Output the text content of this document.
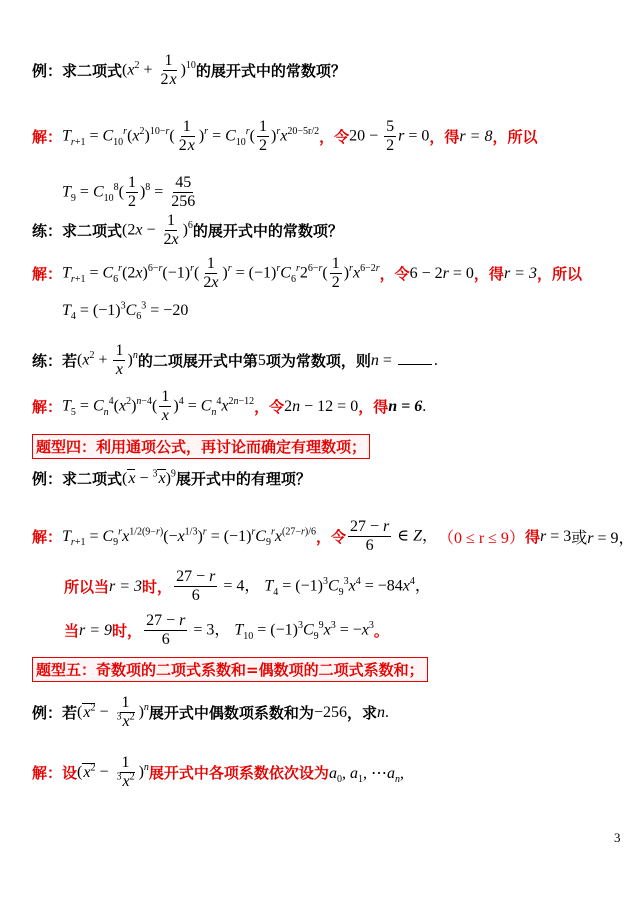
例：求二项式 $(x^2 + \frac{1}{2x} )^{10}$ 的展开式中的常数项？
解： $T_{r+1} = C_{10}^r(x^2)^{10-r}( \frac{1}{2x} )^r = C_{10}^r( \frac{1}{2} )^rx^{20-5r/2}$ ，令 $20 - \frac{5}{2}$ r = 0 ，得 r = 8 ，所以
$T_9 = C_{10}^8( \frac{1}{2} )^8 = \frac{45}{256}$
练：求二项式 $(2x - \frac{1}{2x} )^6$ 的展开式中的常数项？
解： $T_{r+1} = C_6^r(2x)^{6-r}(-1)^r( \frac{1}{2x} )^r = (-1)^rC_6^r2^{6-r}( \frac{1}{2} )^rx^{6-2r}$ ，令 6 − 2r = 0 ，得 r = 3 ，所以
$T_4 = (-1)^3C_6^3 = -20$
练：若 $(x^2 + \frac{1}{x} )^n$ 的二项展开式中第 5 项为常数项，则 n = .
解： $T_5 = C_n^4(x^2)^{n-4}( \frac{1}{x} )^4 = C_n^4x^{2n-12}$ ，令 2n − 12 = 0 ，得 n = 6 .
题型四：利用通项公式，再讨论而确定有理数项；
例：求二项式 $(x - ^3x)^9$ 展开式中的有理项？
解： $T_{r+1} = C_9^rx^{1/2(9-r)}(-x^{1/3})^r = (-1)^rC_9^rx^{(27-r)/6}$ ，令 $\frac{27 - r}{6}$ ∈ Z， （0 ≤ r ≤ 9） 得 r = 3 或 r = 9，
所以当 r = 3 时， $\frac{27 - r}{6} = 4$， $T_4 = (-1)^3C_9^3x^4 = -84x^4$，
当 r = 9 时， $\frac{27 - r}{6} = 3$， $T_{10} = (-1)^3C_9^9x^3 = -x^3$ 。
题型五：奇数项的二项式系数和=偶数项的二项式系数和；
例：若 $(x^2 - \frac{1}{^3x^2} )^n$ 展开式中偶数项系数和为 −256 ，求 n .
解：设 $(x^2 - \frac{1}{^3x^2} )^n$ 展开式中各项系数依次设为 $a_0$, $a_1$, $\cdots a_n$,
3
